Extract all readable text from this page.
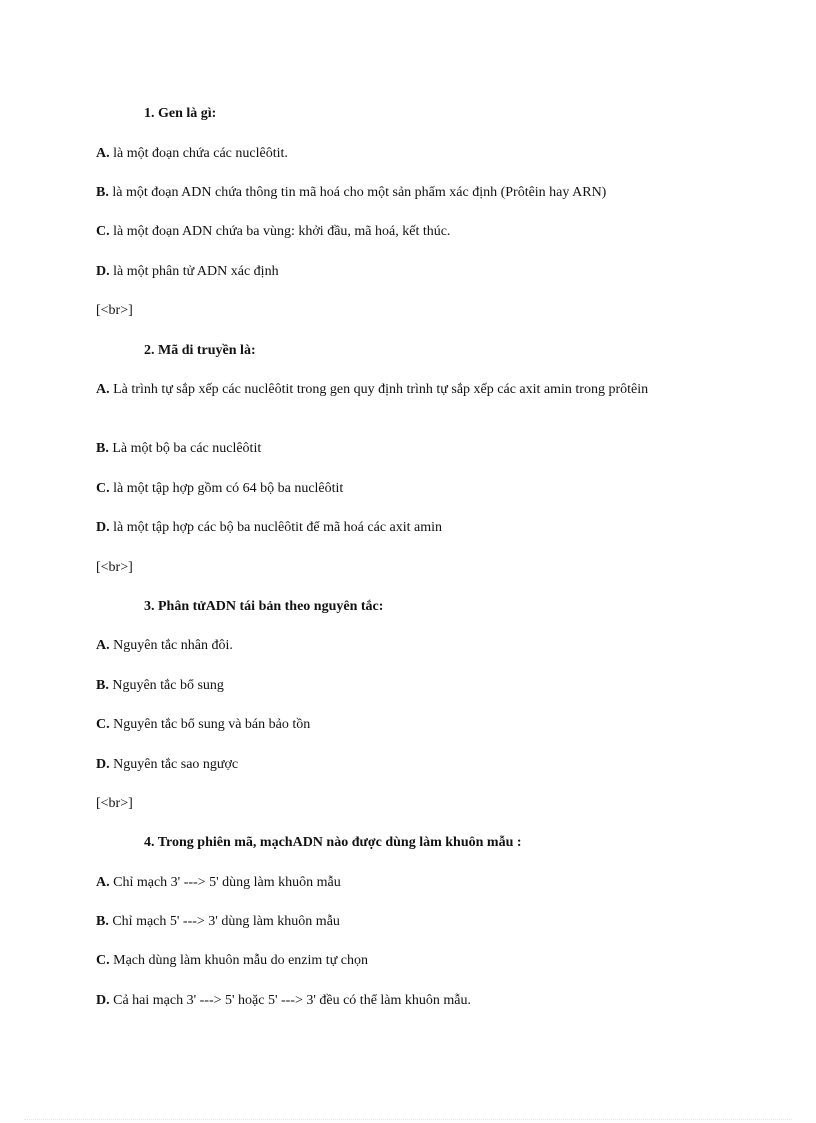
1. Gen là gì:
A. là một đoạn chứa các nuclêôtit.
B. là một đoạn ADN chứa thông tin mã hoá cho một sản phẩm xác định (Prôtêin hay ARN)
C. là một đoạn ADN chứa ba vùng: khởi đầu, mã hoá, kết thúc.
D. là một phân tử ADN xác định
[<br>]
2. Mã di truyền là:
A. Là trình tự sắp xếp các nuclêôtit trong gen quy định trình tự sắp xếp các axit amin trong prôtêin
B. Là một bộ ba các nuclêôtit
C. là một tập hợp gồm có 64 bộ ba nuclêôtit
D. là một tập hợp các bộ ba nuclêôtit để mã hoá các axit amin
[<br>]
3. Phân tửADN tái bản theo nguyên tắc:
A. Nguyên tắc nhân đôi.
B. Nguyên tắc bổ sung
C. Nguyên tắc bổ sung và bán bảo tồn
D. Nguyên tắc sao ngược
[<br>]
4. Trong phiên mã, mạchADN nào được dùng làm khuôn mẫu :
A. Chỉ mạch 3' ---> 5' dùng làm khuôn mẫu
B. Chỉ mạch 5' ---> 3' dùng làm khuôn mẫu
C. Mạch dùng làm khuôn mẫu do enzim tự chọn
D. Cả hai mạch 3' ---> 5' hoặc 5' ---> 3' đều có thể làm khuôn mẫu.
